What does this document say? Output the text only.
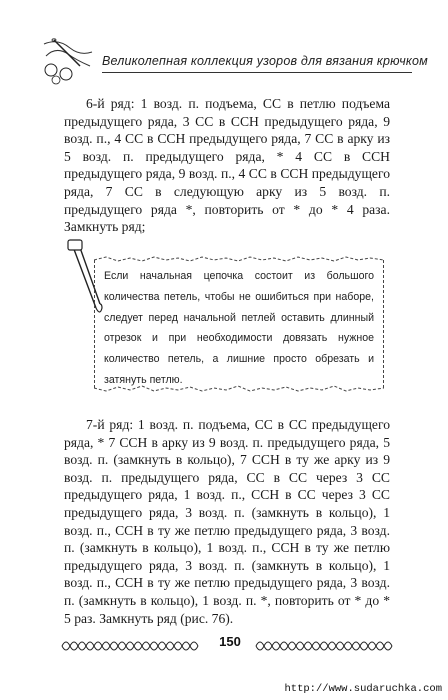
Великолепная коллекция узоров для вязания крючком

6-й ряд: 1 возд. п. подъема, СС в петлю подъема предыдущего ряда, 3 СС в ССН предыдущего ряда, 9 возд. п., 4 СС в ССН предыдущего ряда, 7 СС в арку из 5 возд. п. предыдущего ряда, * 4 СС в ССН предыдущего ряда, 9 возд. п., 4 СС в ССН предыдущего ряда, 7 СС в следующую арку из 5 возд. п. предыдущего ряда *, повторить от * до * 4 раза. Замкнуть ряд;

Если начальная цепочка состоит из большого количества петель, чтобы не ошибиться при наборе, следует перед начальной петлей оставить длинный отрезок и при необходимости довязать нужное количество петель, а лишние просто обрезать и затянуть петлю.

7-й ряд: 1 возд. п. подъема, СС в СС предыдущего ряда, * 7 ССН в арку из 9 возд. п. предыдущего ряда, 5 возд. п. (замкнуть в кольцо), 7 ССН в ту же арку из 9 возд. п. предыдущего ряда, СС в СС через 3 СС предыдущего ряда, 1 возд. п., ССН в СС через 3 СС предыдущего ряда, 3 возд. п. (замкнуть в кольцо), 1 возд. п., ССН в ту же петлю предыдущего ряда, 3 возд. п. (замкнуть в кольцо), 1 возд. п., ССН в ту же петлю предыдущего ряда, 3 возд. п. (замкнуть в кольцо), 1 возд. п., ССН в ту же петлю предыдущего ряда, 3 возд. п. (замкнуть в кольцо), 1 возд. п. *, повторить от * до * 5 раз. Замкнуть ряд (рис. 76).

150
http://www.sudaruchka.com
